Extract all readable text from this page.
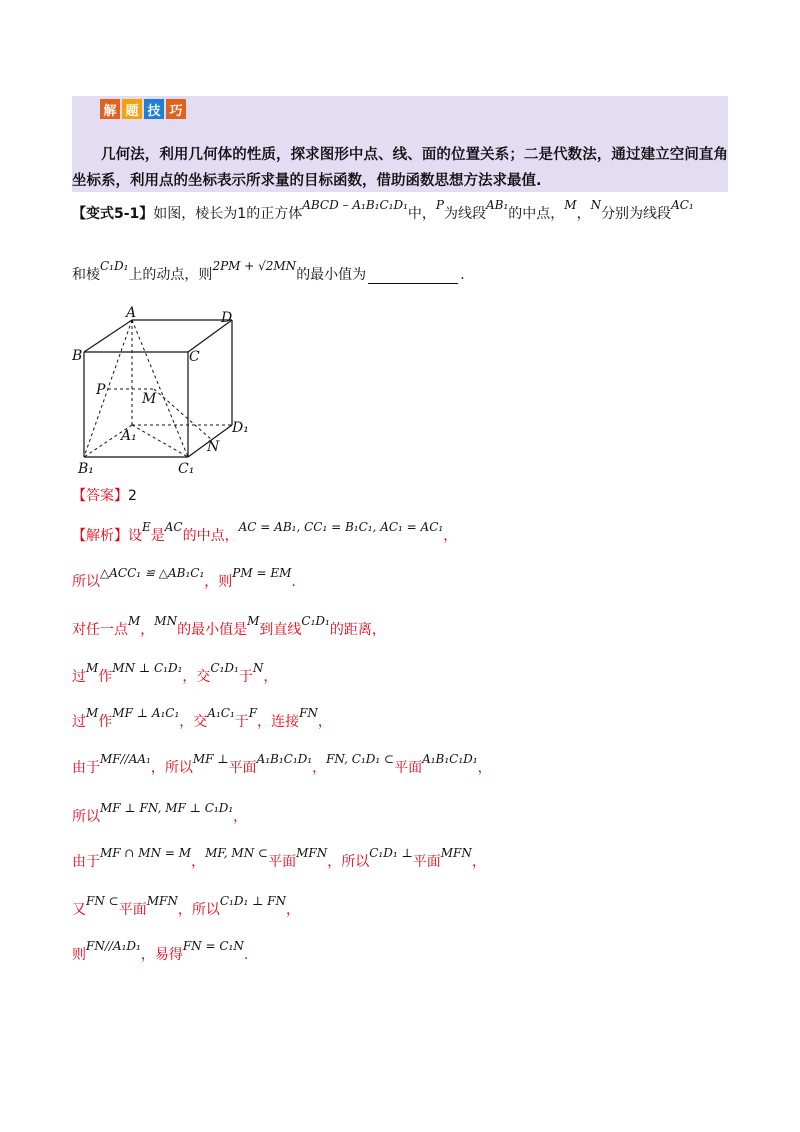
解 题 技 巧
几何法，利用几何体的性质，探求图形中点、线、面的位置关系；二是代数法，通过建立空间直角坐标系，利用点的坐标表示所求量的目标函数，借助函数思想方法求最值.
【变式5-1】如图，棱长为1的正方体ABCD – A₁B₁C₁D₁中，P为线段AB₁的中点，M，N分别为线段AC₁
和棱C₁D₁上的动点，则2PM + √2MN的最小值为	.
A	D
B	C
P
M
A₁	D₁
N
B₁	C₁
【答案】2
【解析】设E是AC的中点，AC = AB₁, CC₁ = B₁C₁, AC₁ = AC₁，
所以△ACC₁ ≌ △AB₁C₁，则PM = EM.
对任一点M，MN的最小值是M到直线C₁D₁的距离，
过M作MN ⊥ C₁D₁，交C₁D₁于N，
过M作MF ⊥ A₁C₁，交A₁C₁于F，连接FN，
由于MF//AA₁，所以MF ⊥平面A₁B₁C₁D₁，FN, C₁D₁ ⊂平面A₁B₁C₁D₁，
所以MF ⊥ FN, MF ⊥ C₁D₁，
由于MF ∩ MN = M，MF, MN ⊂平面MFN，所以C₁D₁ ⊥平面MFN，
又FN ⊂平面MFN，所以C₁D₁ ⊥ FN，
则FN//A₁D₁，易得FN = C₁N.
